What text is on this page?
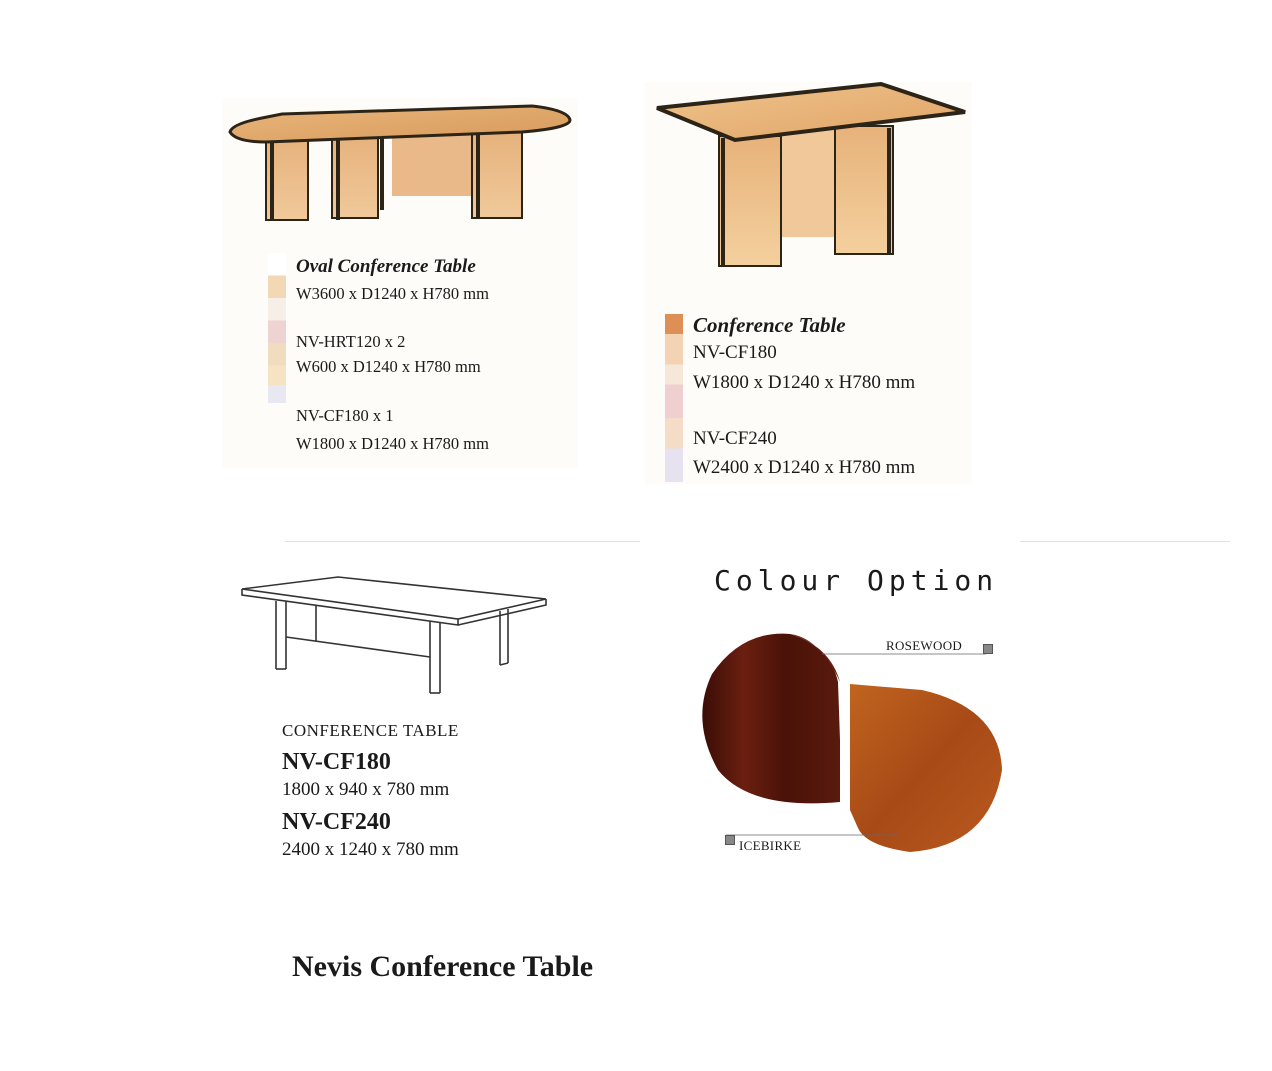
Oval Conference Table
W3600 x D1240 x H780 mm
NV-HRT120 x 2
W600 x D1240 x H780 mm
NV-CF180 x 1
W1800 x D1240 x H780 mm
Conference Table
NV-CF180
W1800 x D1240 x H780 mm
NV-CF240
W2400 x D1240 x H780 mm
CONFERENCE TABLE
NV-CF180
1800 x 940 x 780 mm
NV-CF240
2400 x 1240 x 780 mm
Colour Option
ROSEWOOD
ICEBIRKE
Nevis Conference Table
